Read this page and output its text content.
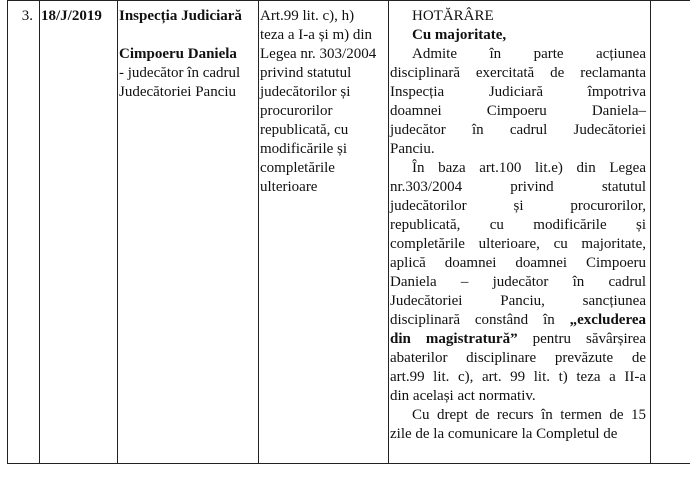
3. 18/J/2019	Inspecția Judiciară
Cimpoeru Daniela
- judecător în cadrul
Judecătoriei Panciu
Art.99 lit. c), h)
teza a I-a și m) din
Legea nr. 303/2004
privind statutul
judecătorilor și
procurorilor
republicată, cu
modificările și
completările
ulterioare
HOTĂRÂRE
Cu majoritate,
Admite în parte acțiunea
disciplinară exercitată de reclamanta
Inspecția Judiciară împotriva
doamnei Cimpoeru Daniela–
judecător în cadrul Judecătoriei
Panciu.
În baza art.100 lit.e) din Legea
nr.303/2004 privind statutul
judecătorilor și procurorilor,
republicată, cu modificările și
completările ulterioare, cu majoritate,
aplică doamnei doamnei Cimpoeru
Daniela – judecător în cadrul
Judecătoriei Panciu, sancțiunea
disciplinară constând în „excluderea
din magistratură” pentru săvârșirea
abaterilor disciplinare prevăzute de
art.99 lit. c), art. 99 lit. t) teza a II-a
din același act normativ.
Cu drept de recurs în termen de 15
zile de la comunicare la Completul de
